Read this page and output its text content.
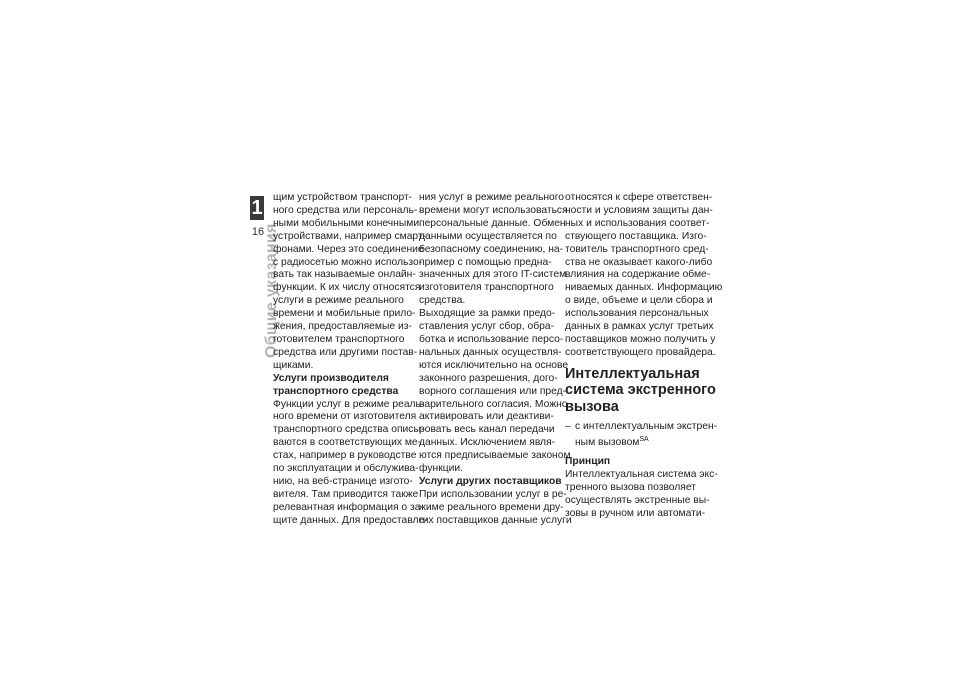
1
16
Общие указания
щим устройством транспорт-
ного средства или персональ-
ными мобильными конечными
устройствами, например смарт-
фонами. Через это соединение
с радиосетью можно использо-
вать так называемые онлайн-
функции. К их числу относятся
услуги в режиме реального
времени и мобильные прило-
жения, предоставляемые из-
готовителем транспортного
средства или другими постав-
щиками.
Услуги производителя
транспортного средства
Функции услуг в режиме реаль-
ного времени от изготовителя
транспортного средства описы-
ваются в соответствующих ме-
стах, например в руководстве
по эксплуатации и обслужива-
нию, на веб-странице изгото-
вителя. Там приводится также
релевантная информация о за-
щите данных. Для предоставле-
ния услуг в режиме реального
времени могут использоваться
персональные данные. Обмен
данными осуществляется по
безопасному соединению, на-
пример с помощью предна-
значенных для этого IT-систем
изготовителя транспортного
средства.
Выходящие за рамки предо-
ставления услуг сбор, обра-
ботка и использование персо-
нальных данных осуществля-
ются исключительно на основе
законного разрешения, дого-
ворного соглашения или пред-
варительного согласия. Можно
активировать или деактиви-
ровать весь канал передачи
данных. Исключением явля-
ются предписываемые законом
функции.
Услуги других поставщиков
При использовании услуг в ре-
жиме реального времени дру-
гих поставщиков данные услуги
относятся к сфере ответствен-
ности и условиям защиты дан-
ных и использования соответ-
ствующего поставщика. Изго-
товитель транспортного сред-
ства не оказывает какого-либо
влияния на содержание обме-
ниваемых данных. Информацию
о виде, объеме и цели сбора и
использования персональных
данных в рамках услуг третьих
поставщиков можно получить у
соответствующего провайдера.
Интеллектуальная
система экстренного
вызова
– с интеллектуальным экстрен-
ным вызовом$^{SA}$
Принцип
Интеллектуальная система экс-
тренного вызова позволяет
осуществлять экстренные вы-
зовы в ручном или автомати-
